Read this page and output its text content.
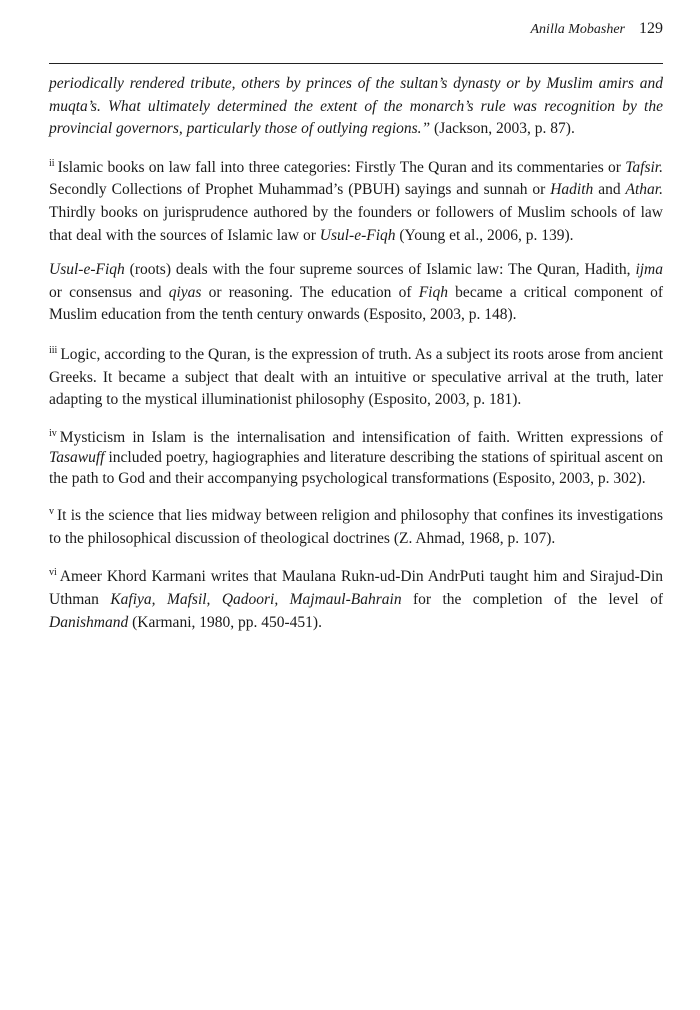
Anilla Mobasher 129

periodically rendered tribute, others by princes of the sultan’s dynasty or by Muslim amirs and muqta’s. What ultimately determined the extent of the monarch’s rule was recognition by the provincial governors, particularly those of outlying regions.” (Jackson, 2003, p. 87).

$^{ii}$ Islamic books on law fall into three categories: Firstly The Quran and its commentaries or Tafsir. Secondly Collections of Prophet Muhammad’s (PBUH) sayings and sunnah or Hadith and Athar. Thirdly books on jurisprudence authored by the founders or followers of Muslim schools of law that deal with the sources of Islamic law or Usul-e-Fiqh (Young et al., 2006, p. 139).

Usul-e-Fiqh (roots) deals with the four supreme sources of Islamic law: The Quran, Hadith, ijma or consensus and qiyas or reasoning. The education of Fiqh became a critical component of Muslim education from the tenth century onwards (Esposito, 2003, p. 148).

$^{iii}$ Logic, according to the Quran, is the expression of truth. As a subject its roots arose from ancient Greeks. It became a subject that dealt with an intuitive or speculative arrival at the truth, later adapting to the mystical illuminationist philosophy (Esposito, 2003, p. 181).

$^{iv}$ Mysticism in Islam is the internalisation and intensification of faith. Written expressions of Tasawuff included poetry, hagiographies and literature describing the stations of spiritual ascent on the path to God and their accompanying psychological transformations (Esposito, 2003, p. 302).

$^v$ It is the science that lies midway between religion and philosophy that confines its investigations to the philosophical discussion of theological doctrines (Z. Ahmad, 1968, p. 107).

$^{vi}$ Ameer Khord Karmani writes that Maulana Rukn-ud-Din AndrPuti taught him and Sirajud-Din Uthman Kafiya, Mafsil, Qadoori, Majmaul-Bahrain for the completion of the level of Danishmand (Karmani, 1980, pp. 450-451).
